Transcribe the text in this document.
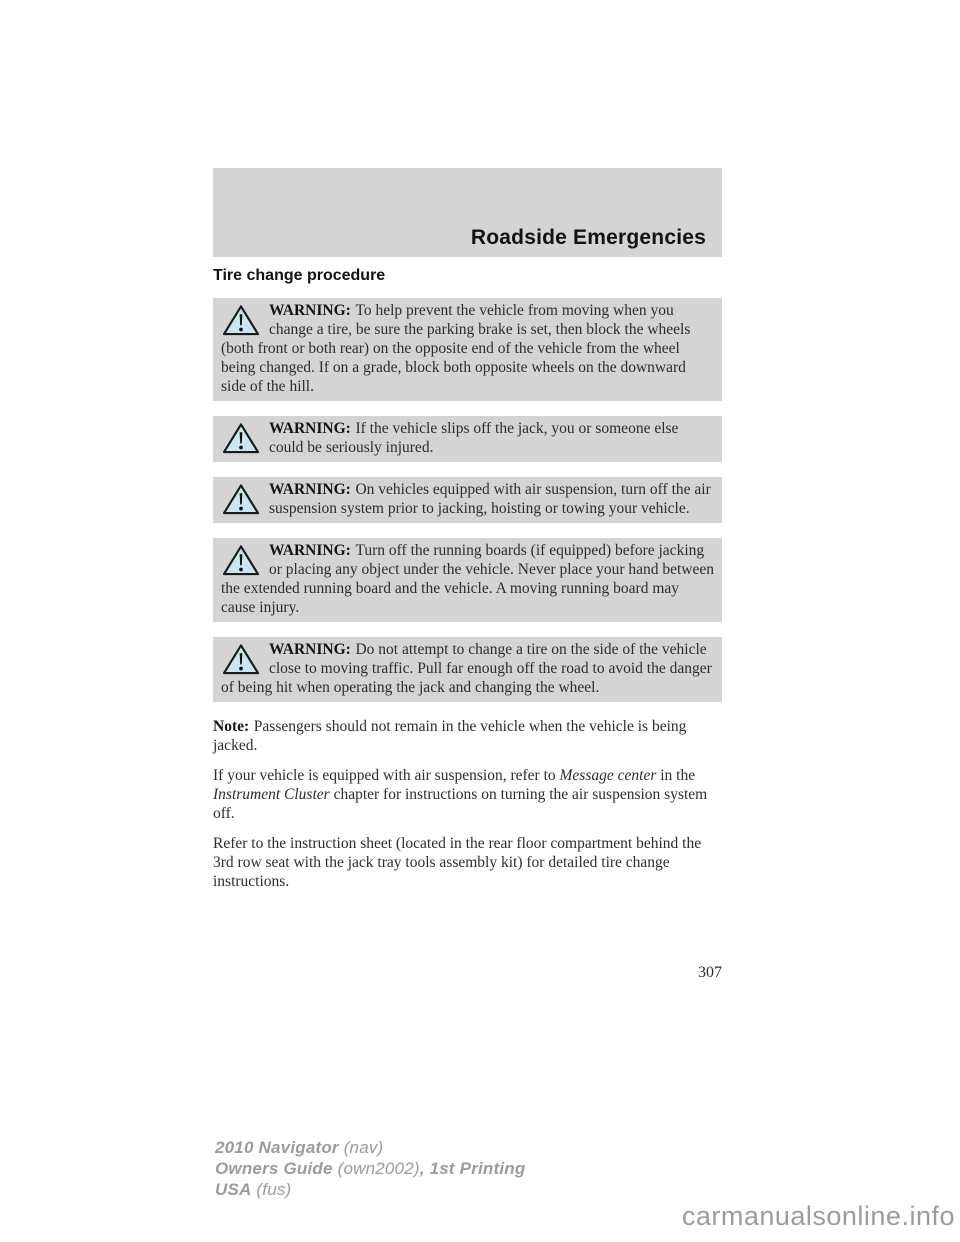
Roadside Emergencies
Tire change procedure

WARNING: To help prevent the vehicle from moving when you change a tire, be sure the parking brake is set, then block the wheels (both front or both rear) on the opposite end of the vehicle from the wheel being changed. If on a grade, block both opposite wheels on the downward side of the hill.

WARNING: If the vehicle slips off the jack, you or someone else could be seriously injured.

WARNING: On vehicles equipped with air suspension, turn off the air suspension system prior to jacking, hoisting or towing your vehicle.

WARNING: Turn off the running boards (if equipped) before jacking or placing any object under the vehicle. Never place your hand between the extended running board and the vehicle. A moving running board may cause injury.

WARNING: Do not attempt to change a tire on the side of the vehicle close to moving traffic. Pull far enough off the road to avoid the danger of being hit when operating the jack and changing the wheel.

Note: Passengers should not remain in the vehicle when the vehicle is being jacked.

If your vehicle is equipped with air suspension, refer to Message center in the Instrument Cluster chapter for instructions on turning the air suspension system off.

Refer to the instruction sheet (located in the rear floor compartment behind the 3rd row seat with the jack tray tools assembly kit) for detailed tire change instructions.

307
2010 Navigator (nav)
Owners Guide (own2002), 1st Printing
USA (fus)
carmanualsonline.info
